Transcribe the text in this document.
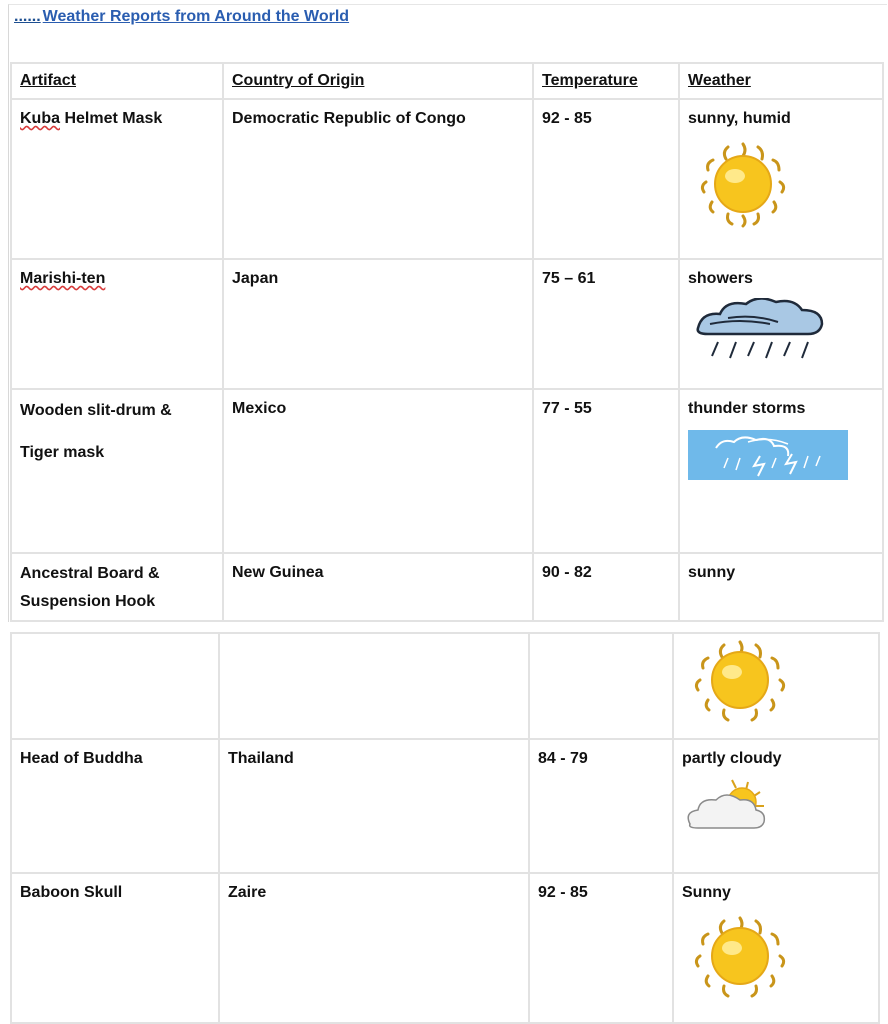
...... Weather Reports from Around the World
Artifact	Country of Origin	Temperature	Weather

Kuba Helmet Mask	Democratic Republic of Congo	92 - 85	sunny, humid

Marishi-ten	Japan	75 – 61	showers

Wooden slit-drum &
Tiger mask	Mexico	77 - 55	thunder storms

Ancestral Board &
Suspension Hook	New Guinea	90 - 82	sunny

Head of Buddha	Thailand	84 - 79	partly cloudy

Baboon Skull	Zaire	92 - 85	Sunny
